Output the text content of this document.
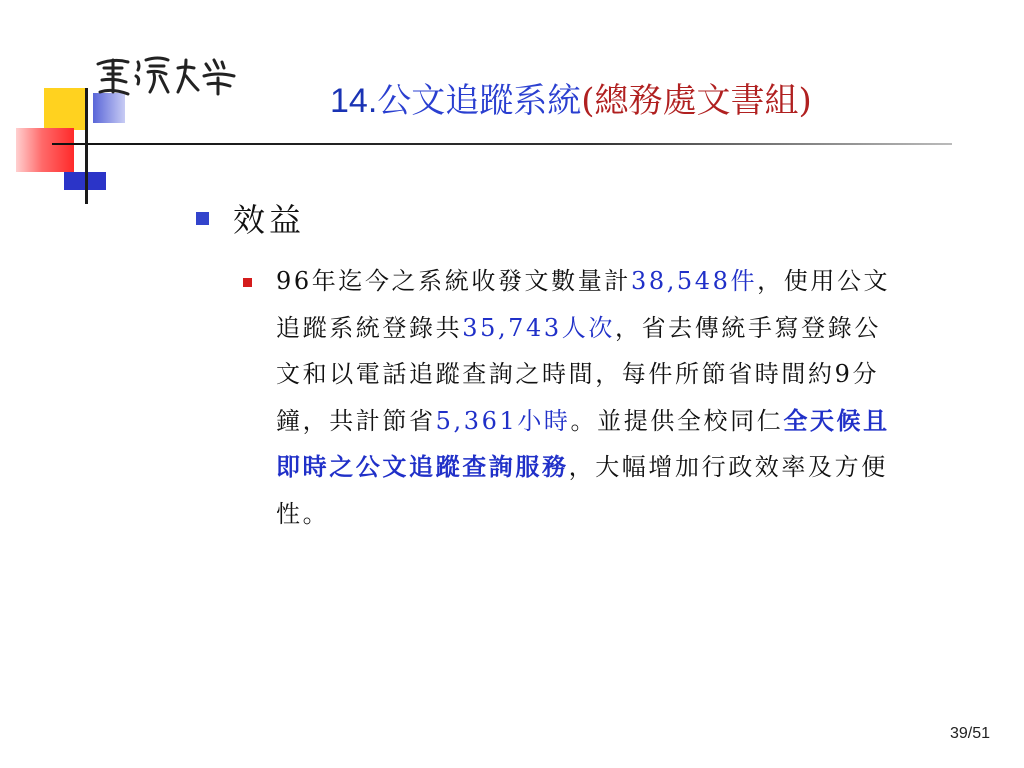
14.公文追蹤系統(總務處文書組)
效益
96年迄今之系統收發文數量計38,548件，使用公文追蹤系統登錄共35,743人次，省去傳統手寫登錄公文和以電話追蹤查詢之時間，每件所節省時間約9分鐘，共計節省5,361小時。並提供全校同仁全天候且即時之公文追蹤查詢服務，大幅增加行政效率及方便性。
39/51
